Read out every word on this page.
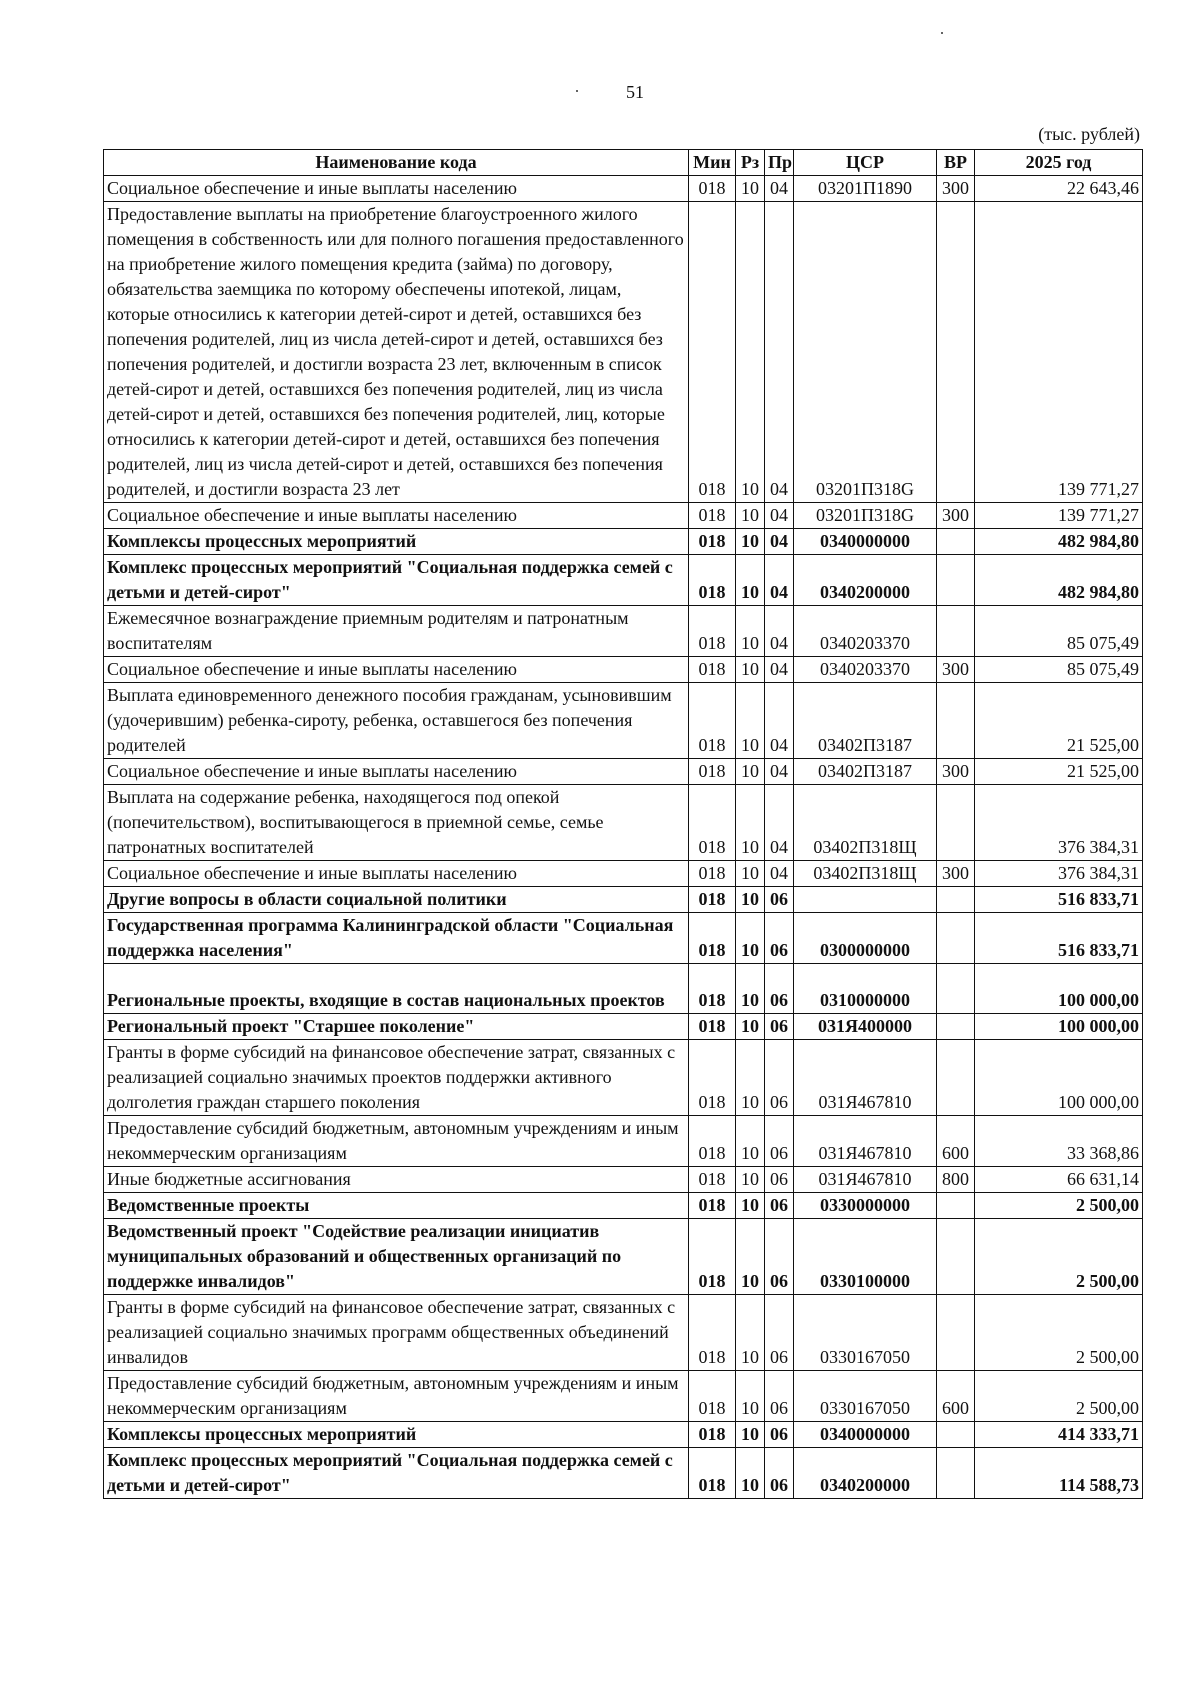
51
(тыс. рублей)
Наименование кода	Мин	Рз	Пр	ЦСР	ВР	2025 год
Социальное обеспечение и иные выплаты населению	018	10	04	03201П1890	300	22 643,46
Предоставление выплаты на приобретение благоустроенного жилого помещения в собственность или для полного погашения предоставленного на приобретение жилого помещения кредита (займа) по договору, обязательства заемщика по которому обеспечены ипотекой, лицам, которые относились к категории детей-сирот и детей, оставшихся без попечения родителей, лиц из числа детей-сирот и детей, оставшихся без попечения родителей, и достигли возраста 23 лет, включенным в список детей-сирот и детей, оставшихся без попечения родителей, лиц из числа детей-сирот и детей, оставшихся без попечения родителей, лиц, которые относились к категории детей-сирот и детей, оставшихся без попечения родителей, лиц из числа детей-сирот и детей, оставшихся без попечения родителей, и достигли возраста 23 лет	018	10	04	03201П318G		139 771,27
Социальное обеспечение и иные выплаты населению	018	10	04	03201П318G	300	139 771,27
Комплексы процессных мероприятий	018	10	04	0340000000		482 984,80
Комплекс процессных мероприятий "Социальная поддержка семей с детьми и детей-сирот"	018	10	04	0340200000		482 984,80
Ежемесячное вознаграждение приемным родителям и патронатным воспитателям	018	10	04	0340203370		85 075,49
Социальное обеспечение и иные выплаты населению	018	10	04	0340203370	300	85 075,49
Выплата единовременного денежного пособия гражданам, усыновившим (удочерившим) ребенка-сироту, ребенка, оставшегося без попечения родителей	018	10	04	03402П3187		21 525,00
Социальное обеспечение и иные выплаты населению	018	10	04	03402П3187	300	21 525,00
Выплата на содержание ребенка, находящегося под опекой (попечительством), воспитывающегося в приемной семье, семье патронатных воспитателей	018	10	04	03402П318Щ		376 384,31
Социальное обеспечение и иные выплаты населению	018	10	04	03402П318Щ	300	376 384,31
Другие вопросы в области социальной политики	018	10	06			516 833,71
Государственная программа Калининградской области "Социальная поддержка населения"	018	10	06	0300000000		516 833,71
Региональные проекты, входящие в состав национальных проектов	018	10	06	0310000000		100 000,00
Региональный проект "Старшее поколение"	018	10	06	031Я400000		100 000,00
Гранты в форме субсидий на финансовое обеспечение затрат, связанных с реализацией социально значимых проектов поддержки активного долголетия граждан старшего поколения	018	10	06	031Я467810		100 000,00
Предоставление субсидий бюджетным, автономным учреждениям и иным некоммерческим организациям	018	10	06	031Я467810	600	33 368,86
Иные бюджетные ассигнования	018	10	06	031Я467810	800	66 631,14
Ведомственные проекты	018	10	06	0330000000		2 500,00
Ведомственный проект "Содействие реализации инициатив муниципальных образований и общественных организаций по поддержке инвалидов"	018	10	06	0330100000		2 500,00
Гранты в форме субсидий на финансовое обеспечение затрат, связанных с реализацией социально значимых программ общественных объединений инвалидов	018	10	06	0330167050		2 500,00
Предоставление субсидий бюджетным, автономным учреждениям и иным некоммерческим организациям	018	10	06	0330167050	600	2 500,00
Комплексы процессных мероприятий	018	10	06	0340000000		414 333,71
Комплекс процессных мероприятий "Социальная поддержка семей с детьми и детей-сирот"	018	10	06	0340200000		114 588,73
